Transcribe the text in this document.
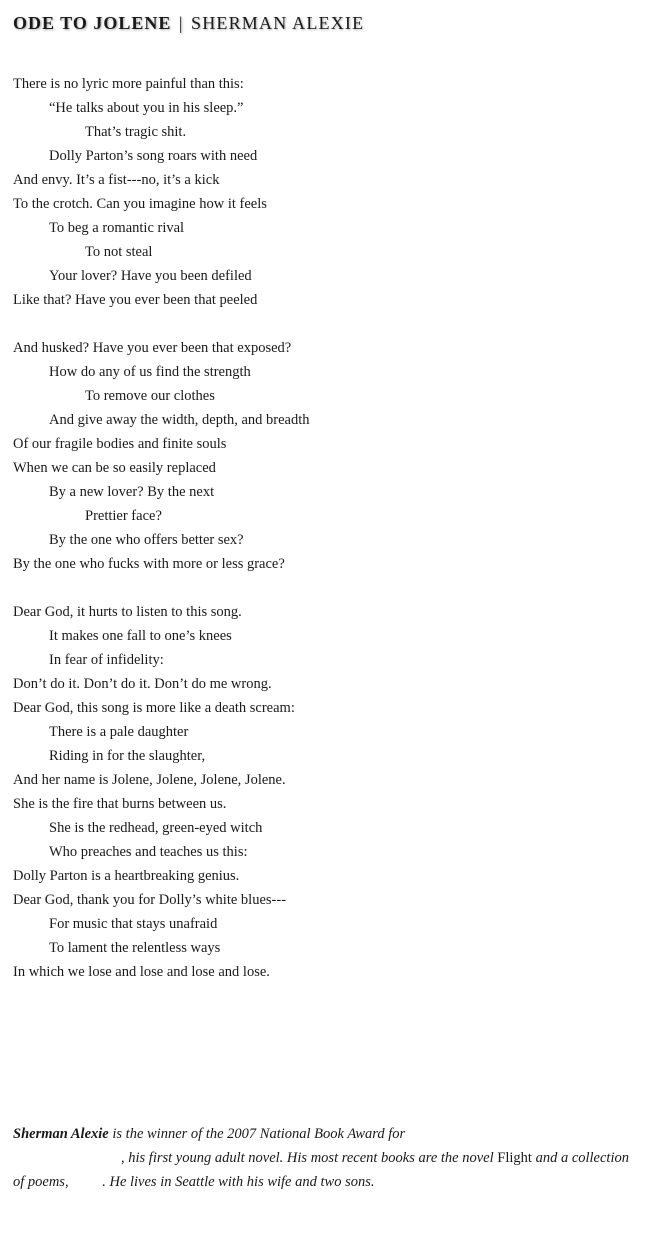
ODE TO JOLENE | SHERMAN ALEXIE
There is no lyric more painful than this:
“He talks about you in his sleep.”
That’s tragic shit.
Dolly Parton’s song roars with need
And envy. It’s a fist---no, it’s a kick
To the crotch. Can you imagine how it feels
To beg a romantic rival
To not steal
Your lover? Have you been defiled
Like that? Have you ever been that peeled
And husked? Have you ever been that exposed?
How do any of us find the strength
To remove our clothes
And give away the width, depth, and breadth
Of our fragile bodies and finite souls
When we can be so easily replaced
By a new lover? By the next
Prettier face?
By the one who offers better sex?
By the one who fucks with more or less grace?
Dear God, it hurts to listen to this song.
It makes one fall to one’s knees
In fear of infidelity:
Don’t do it. Don’t do it. Don’t do me wrong.
Dear God, this song is more like a death scream:
There is a pale daughter
Riding in for the slaughter,
And her name is Jolene, Jolene, Jolene, Jolene.
She is the fire that burns between us.
She is the redhead, green-eyed witch
Who preaches and teaches us this:
Dolly Parton is a heartbreaking genius.
Dear God, thank you for Dolly’s white blues---
For music that stays unafraid
To lament the relentless ways
In which we lose and lose and lose and lose.
Sherman Alexie is the winner of the 2007 National Book Award for
, his first young adult novel. His most recent books are the novel Flight and a collection of poems, . He lives in Seattle with his wife and two sons.
